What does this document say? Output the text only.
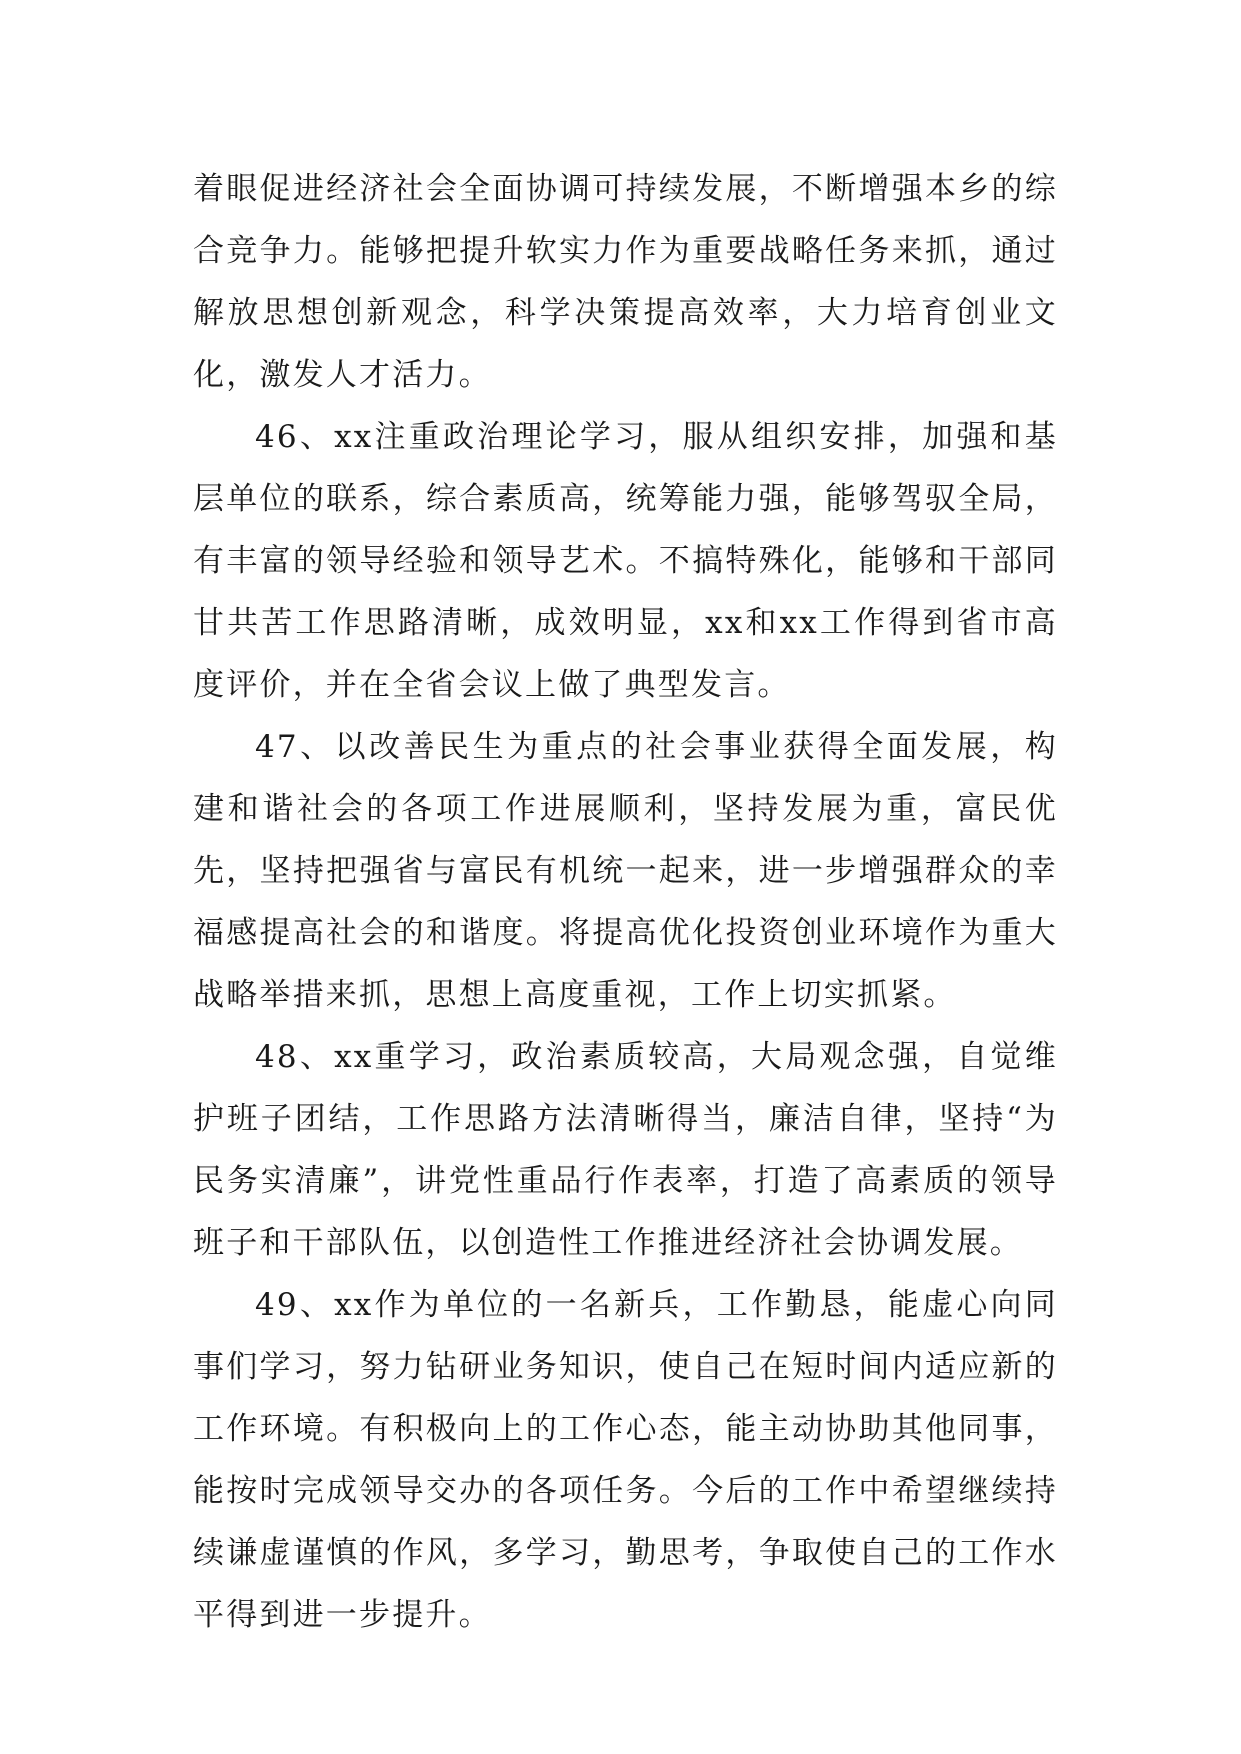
着眼促进经济社会全面协调可持续发展，不断增强本乡的综合竞争力。能够把提升软实力作为重要战略任务来抓，通过解放思想创新观念，科学决策提高效率，大力培育创业文化，激发人才活力。

46、xx注重政治理论学习，服从组织安排，加强和基层单位的联系，综合素质高，统筹能力强，能够驾驭全局，有丰富的领导经验和领导艺术。不搞特殊化，能够和干部同甘共苦工作思路清晰，成效明显，xx和xx工作得到省市高度评价，并在全省会议上做了典型发言。

47、以改善民生为重点的社会事业获得全面发展，构建和谐社会的各项工作进展顺利，坚持发展为重，富民优先，坚持把强省与富民有机统一起来，进一步增强群众的幸福感提高社会的和谐度。将提高优化投资创业环境作为重大战略举措来抓，思想上高度重视，工作上切实抓紧。

48、xx重学习，政治素质较高，大局观念强，自觉维护班子团结，工作思路方法清晰得当，廉洁自律，坚持“为民务实清廉”，讲党性重品行作表率，打造了高素质的领导班子和干部队伍，以创造性工作推进经济社会协调发展。

49、xx作为单位的一名新兵，工作勤恳，能虚心向同事们学习，努力钻研业务知识，使自己在短时间内适应新的工作环境。有积极向上的工作心态，能主动协助其他同事，能按时完成领导交办的各项任务。今后的工作中希望继续持续谦虚谨慎的作风，多学习，勤思考，争取使自己的工作水平得到进一步提升。
